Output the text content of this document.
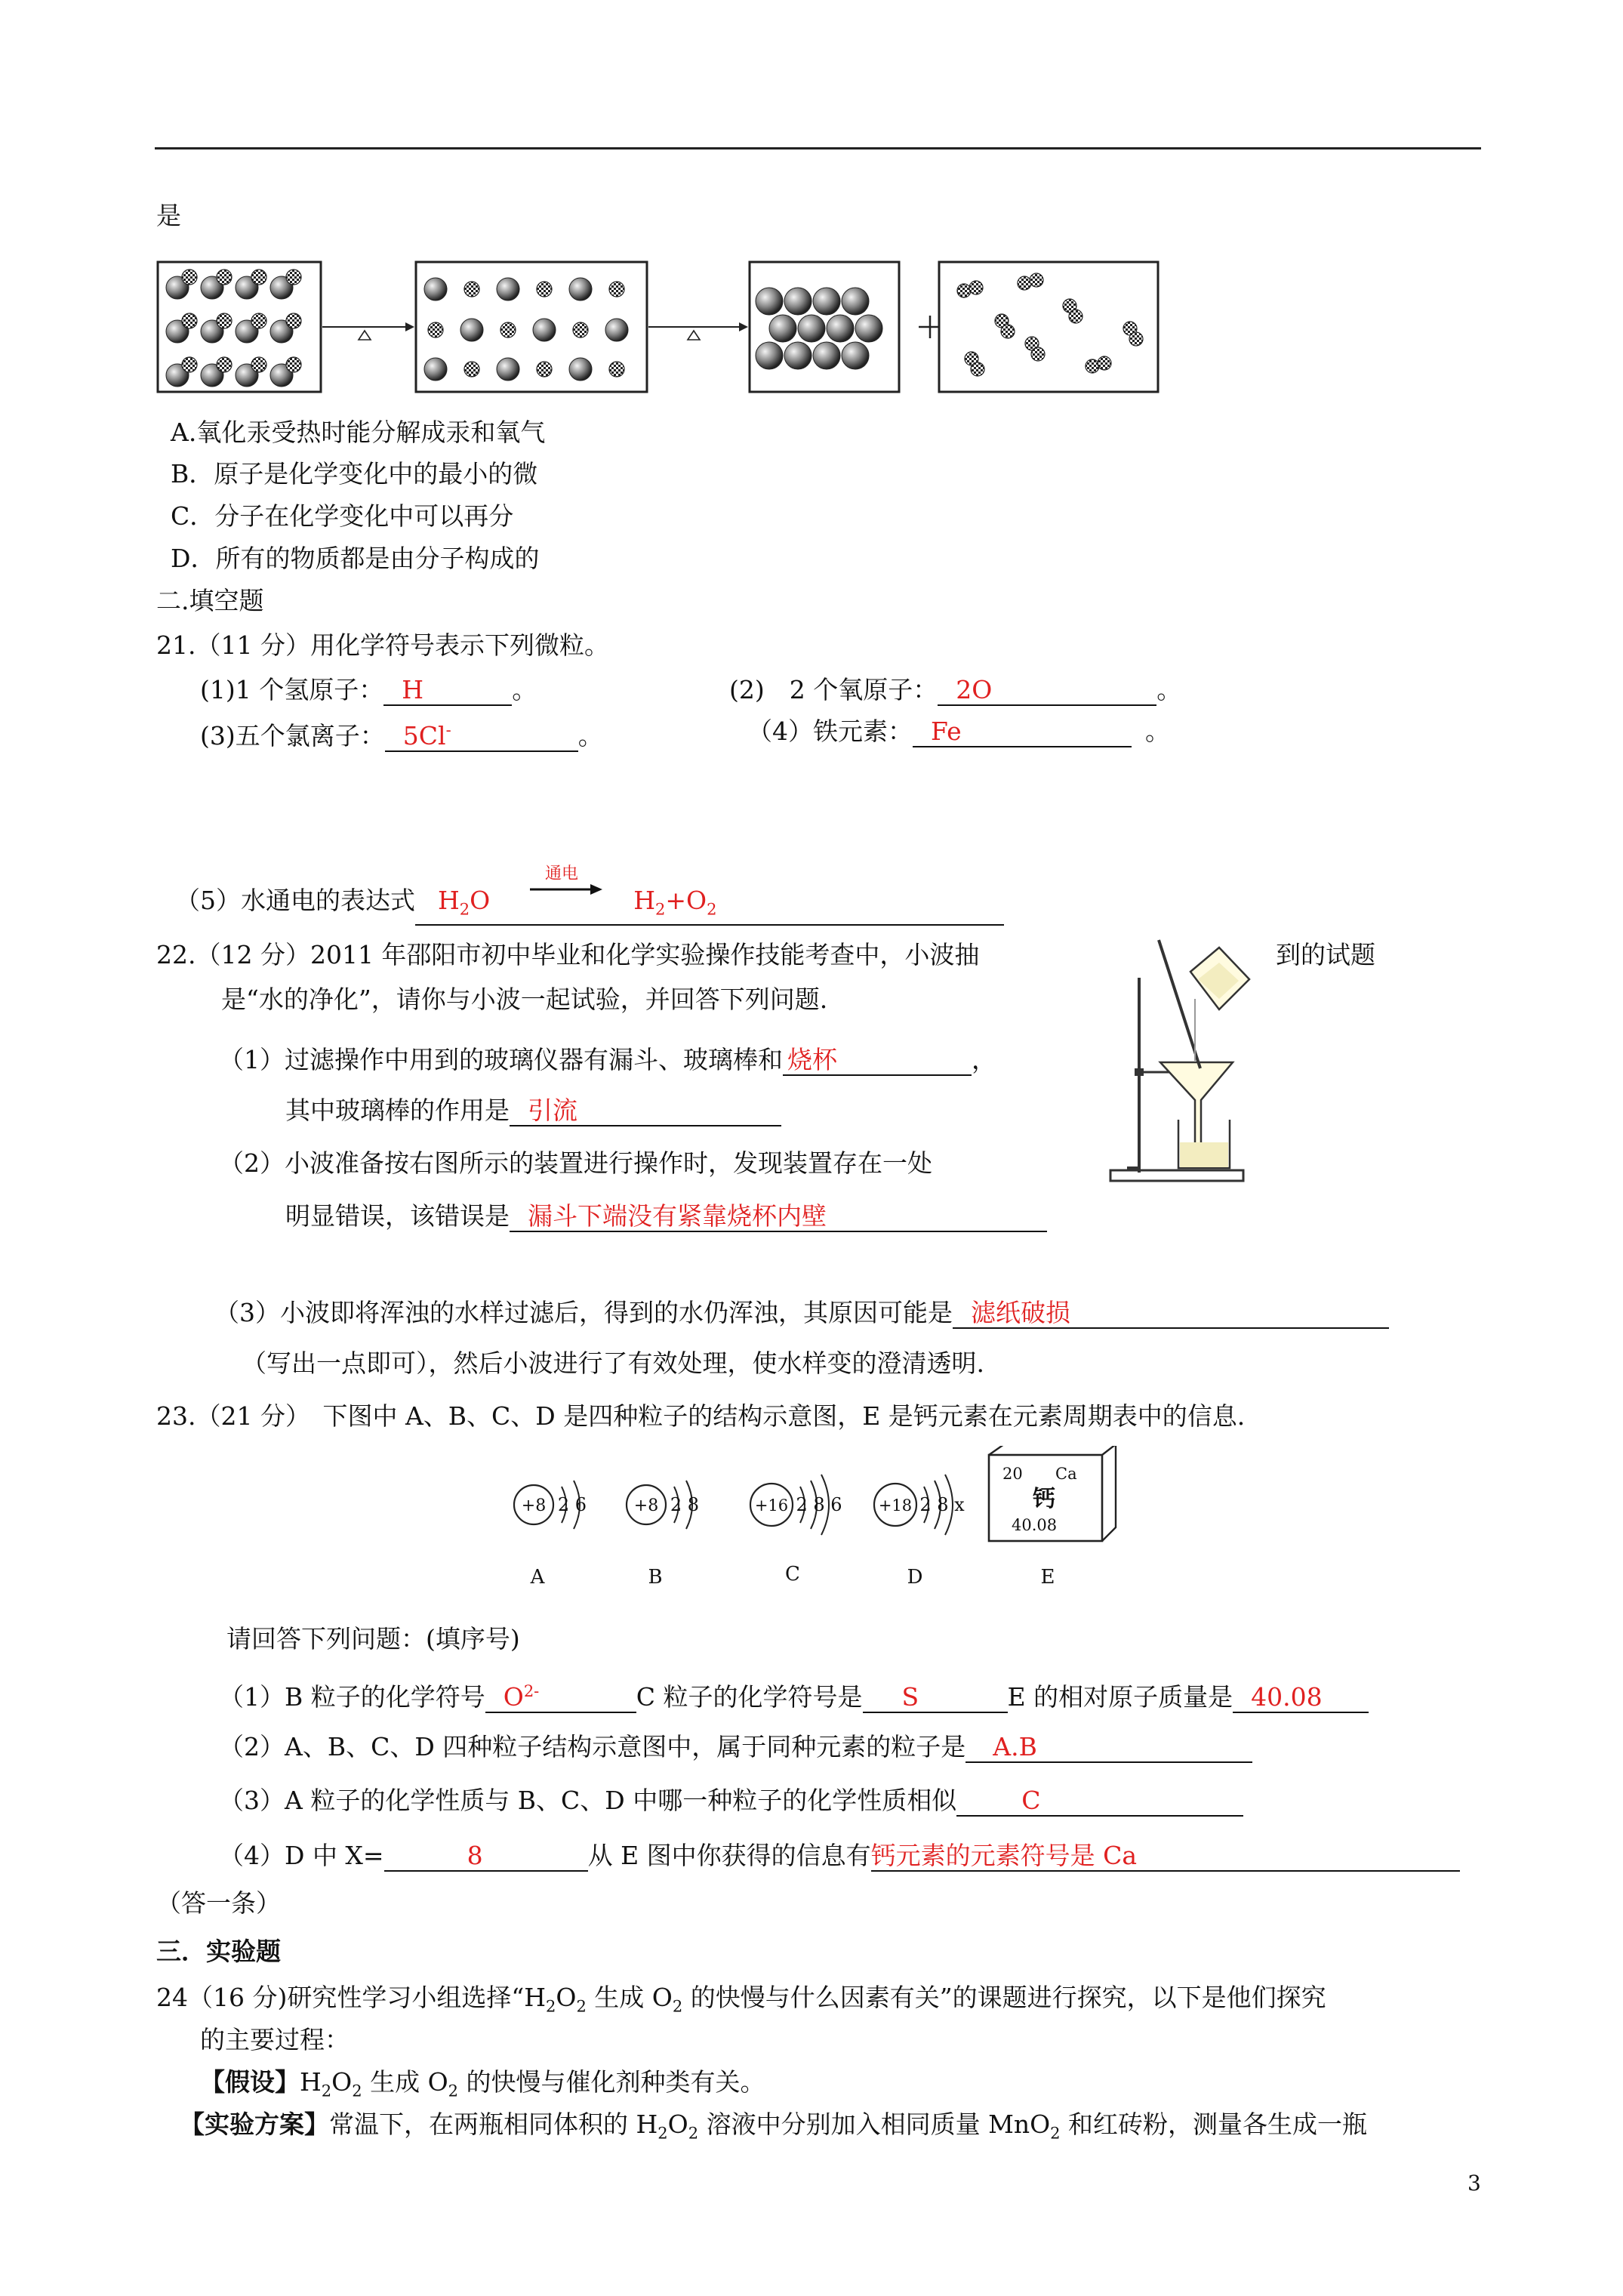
是
A.氧化汞受热时能分解成汞和氧气
B．原子是化学变化中的最小的微
C．分子在化学变化中可以再分
D．所有的物质都是由分子构成的
二.填空题
21.（11 分）用化学符号表示下列微粒。
(1)1 个氢原子： H	。	(2)　2 个氧原子： 2O	。
(3)五个氯离子： 5Cl-	。	（4）铁元素： Fe	。
通电
（5）水通电的表达式 $H_2O$	$H_2+O_2$
22.（12 分）2011 年邵阳市初中毕业和化学实验操作技能考查中，小波抽	到的试题
是“水的净化”，请你与小波一起试验，并回答下列问题.
（1）过滤操作中用到的玻璃仪器有漏斗、玻璃棒和 烧杯	，
其中玻璃棒的作用是 引流
（2）小波准备按右图所示的装置进行操作时，发现装置存在一处
明显错误，该错误是 漏斗下端没有紧靠烧杯内壁
（3）小波即将浑浊的水样过滤后，得到的水仍浑浊，其原因可能是 滤纸破损
（写出一点即可），然后小波进行了有效处理，使水样变的澄清透明.
23.（21 分）　下图中 A、B、C、D 是四种粒子的结构示意图，E 是钙元素在元素周期表中的信息.
+8 2 6
A
+8 2 8
B
+16 2 8 6
C
+18 2 8 x
D
20 Ca
钙
40.08
E
请回答下列问题：(填序号)
（1）B 粒子的化学符号 $O^{2-}$	C 粒子的化学符号是 S	E 的相对原子质量是 40.08
（2）A、B、C、D 四种粒子结构示意图中，属于同种元素的粒子是 A.B
（3）A 粒子的化学性质与 B、C、D 中哪一种粒子的化学性质相似	C
（4）D 中 X=	8	从 E 图中你获得的信息有钙元素的元素符号是 Ca
（答一条）
三．实验题
24（16 分)研究性学习小组选择“$H_2O_2$ 生成 $O_2$ 的快慢与什么因素有关”的课题进行探究，以下是他们探究
的主要过程：
【假设】$H_2O_2$ 生成 $O_2$ 的快慢与催化剂种类有关。
【实验方案】常温下，在两瓶相同体积的 $H_2O_2$ 溶液中分别加入相同质量 MnO$_2$ 和红砖粉，测量各生成一瓶
3
